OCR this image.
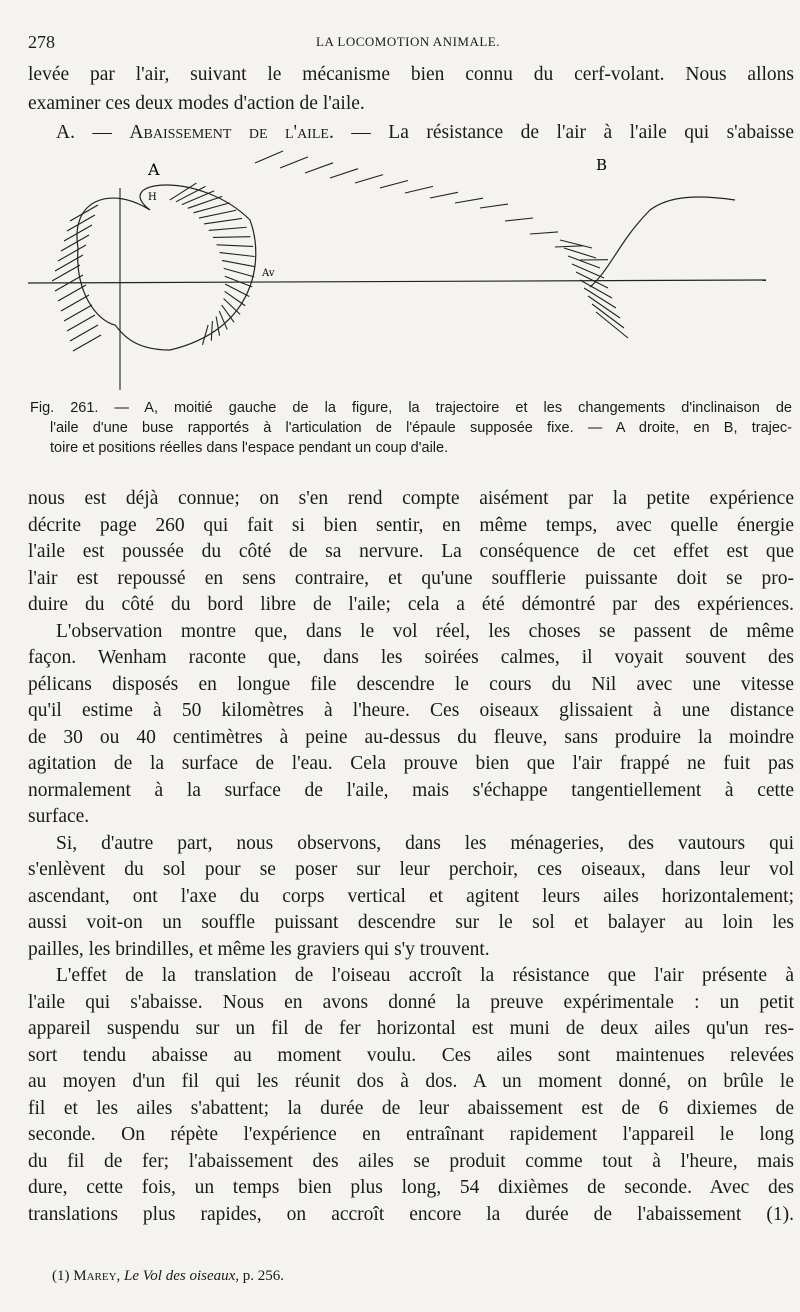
278	LA LOCOMOTION ANIMALE.
levée par l'air, suivant le mécanisme bien connu du cerf-volant. Nous allons
examiner ces deux modes d'action de l'aile.
A. — Abaissement de l'aile. — La résistance de l'air à l'aile qui s'abaisse
A	B
H
Av
Fig. 261. — A, moitié gauche de la figure, la trajectoire et les changements d'inclinaison de
l'aile d'une buse rapportés à l'articulation de l'épaule supposée fixe. — A droite, en B, trajec-
toire et positions réelles dans l'espace pendant un coup d'aile.
nous est déjà connue; on s'en rend compte aisément par la petite expérience
décrite page 260 qui fait si bien sentir, en même temps, avec quelle énergie
l'aile est poussée du côté de sa nervure. La conséquence de cet effet est que
l'air est repoussé en sens contraire, et qu'une soufflerie puissante doit se pro-
duire du côté du bord libre de l'aile; cela a été démontré par des expériences.
L'observation montre que, dans le vol réel, les choses se passent de même
façon. Wenham raconte que, dans les soirées calmes, il voyait souvent des
pélicans disposés en longue file descendre le cours du Nil avec une vitesse
qu'il estime à 50 kilomètres à l'heure. Ces oiseaux glissaient à une distance
de 30 ou 40 centimètres à peine au-dessus du fleuve, sans produire la moindre
agitation de la surface de l'eau. Cela prouve bien que l'air frappé ne fuit pas
normalement à la surface de l'aile, mais s'échappe tangentiellement à cette
surface.
Si, d'autre part, nous observons, dans les ménageries, des vautours qui
s'enlèvent du sol pour se poser sur leur perchoir, ces oiseaux, dans leur vol
ascendant, ont l'axe du corps vertical et agitent leurs ailes horizontalement;
aussi voit-on un souffle puissant descendre sur le sol et balayer au loin les
pailles, les brindilles, et même les graviers qui s'y trouvent.
L'effet de la translation de l'oiseau accroît la résistance que l'air présente à
l'aile qui s'abaisse. Nous en avons donné la preuve expérimentale : un petit
appareil suspendu sur un fil de fer horizontal est muni de deux ailes qu'un res-
sort tendu abaisse au moment voulu. Ces ailes sont maintenues relevées
au moyen d'un fil qui les réunit dos à dos. A un moment donné, on brûle le
fil et les ailes s'abattent; la durée de leur abaissement est de 6 dixiemes de
seconde. On répète l'expérience en entraînant rapidement l'appareil le long
du fil de fer; l'abaissement des ailes se produit comme tout à l'heure, mais
dure, cette fois, un temps bien plus long, 54 dixièmes de seconde. Avec des
translations plus rapides, on accroît encore la durée de l'abaissement (1).
(1) Marey, Le Vol des oiseaux, p. 256.
